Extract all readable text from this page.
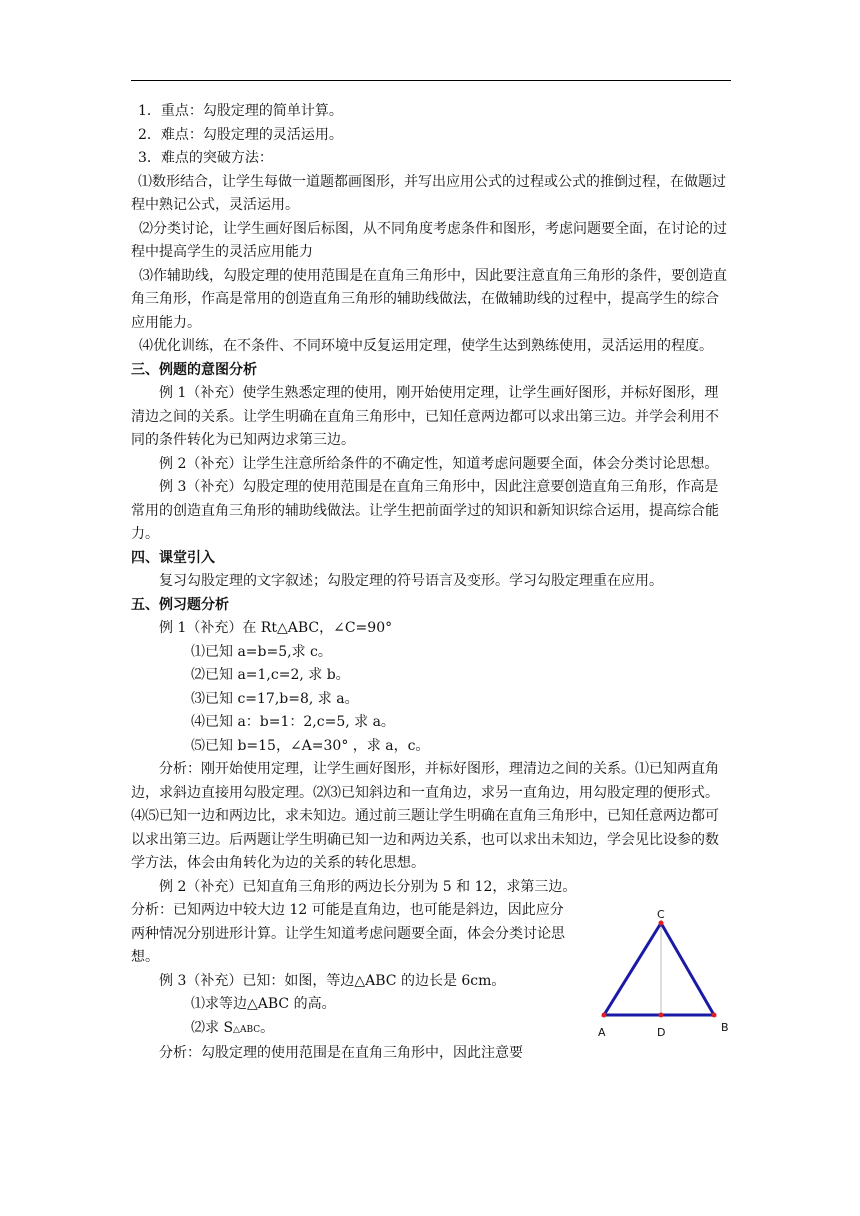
1．重点：勾股定理的简单计算。

2．难点：勾股定理的灵活运用。

3．难点的突破方法：

⑴数形结合，让学生每做一道题都画图形，并写出应用公式的过程或公式的推倒过程，在做题过程中熟记公式，灵活运用。

⑵分类讨论，让学生画好图后标图，从不同角度考虑条件和图形，考虑问题要全面，在讨论的过程中提高学生的灵活应用能力

⑶作辅助线，勾股定理的使用范围是在直角三角形中，因此要注意直角三角形的条件，要创造直角三角形，作高是常用的创造直角三角形的辅助线做法，在做辅助线的过程中，提高学生的综合应用能力。

⑷优化训练，在不条件、不同环境中反复运用定理，使学生达到熟练使用，灵活运用的程度。

三、例题的意图分析

例 1（补充）使学生熟悉定理的使用，刚开始使用定理，让学生画好图形，并标好图形，理清边之间的关系。让学生明确在直角三角形中，已知任意两边都可以求出第三边。并学会利用不同的条件转化为已知两边求第三边。

例 2（补充）让学生注意所给条件的不确定性，知道考虑问题要全面，体会分类讨论思想。

例 3（补充）勾股定理的使用范围是在直角三角形中，因此注意要创造直角三角形，作高是常用的创造直角三角形的辅助线做法。让学生把前面学过的知识和新知识综合运用，提高综合能力。

四、课堂引入

复习勾股定理的文字叙述；勾股定理的符号语言及变形。学习勾股定理重在应用。

五、例习题分析

例 1（补充）在 Rt△ABC，∠C=90°

⑴已知 a=b=5,求 c。

⑵已知 a=1,c=2, 求 b。

⑶已知 c=17,b=8, 求 a。

⑷已知 a：b=1：2,c=5, 求 a。

⑸已知 b=15，∠A=30° ，求 a，c。

分析：刚开始使用定理，让学生画好图形，并标好图形，理清边之间的关系。⑴已知两直角边，求斜边直接用勾股定理。⑵⑶已知斜边和一直角边，求另一直角边，用勾股定理的便形式。⑷⑸已知一边和两边比，求未知边。通过前三题让学生明确在直角三角形中，已知任意两边都可以求出第三边。后两题让学生明确已知一边和两边关系，也可以求出未知边，学会见比设参的数学方法，体会由角转化为边的关系的转化思想。

例 2（补充）已知直角三角形的两边长分别为 5 和 12，求第三边。

分析：已知两边中较大边 12 可能是直角边，也可能是斜边，因此应分两种情况分别进形计算。让学生知道考虑问题要全面，体会分类讨论思想。

例 3（补充）已知：如图，等边△ABC 的边长是 6cm。

⑴求等边△ABC 的高。

⑵求 S△ABC。

分析：勾股定理的使用范围是在直角三角形中，因此注意要

C
A	D	B
